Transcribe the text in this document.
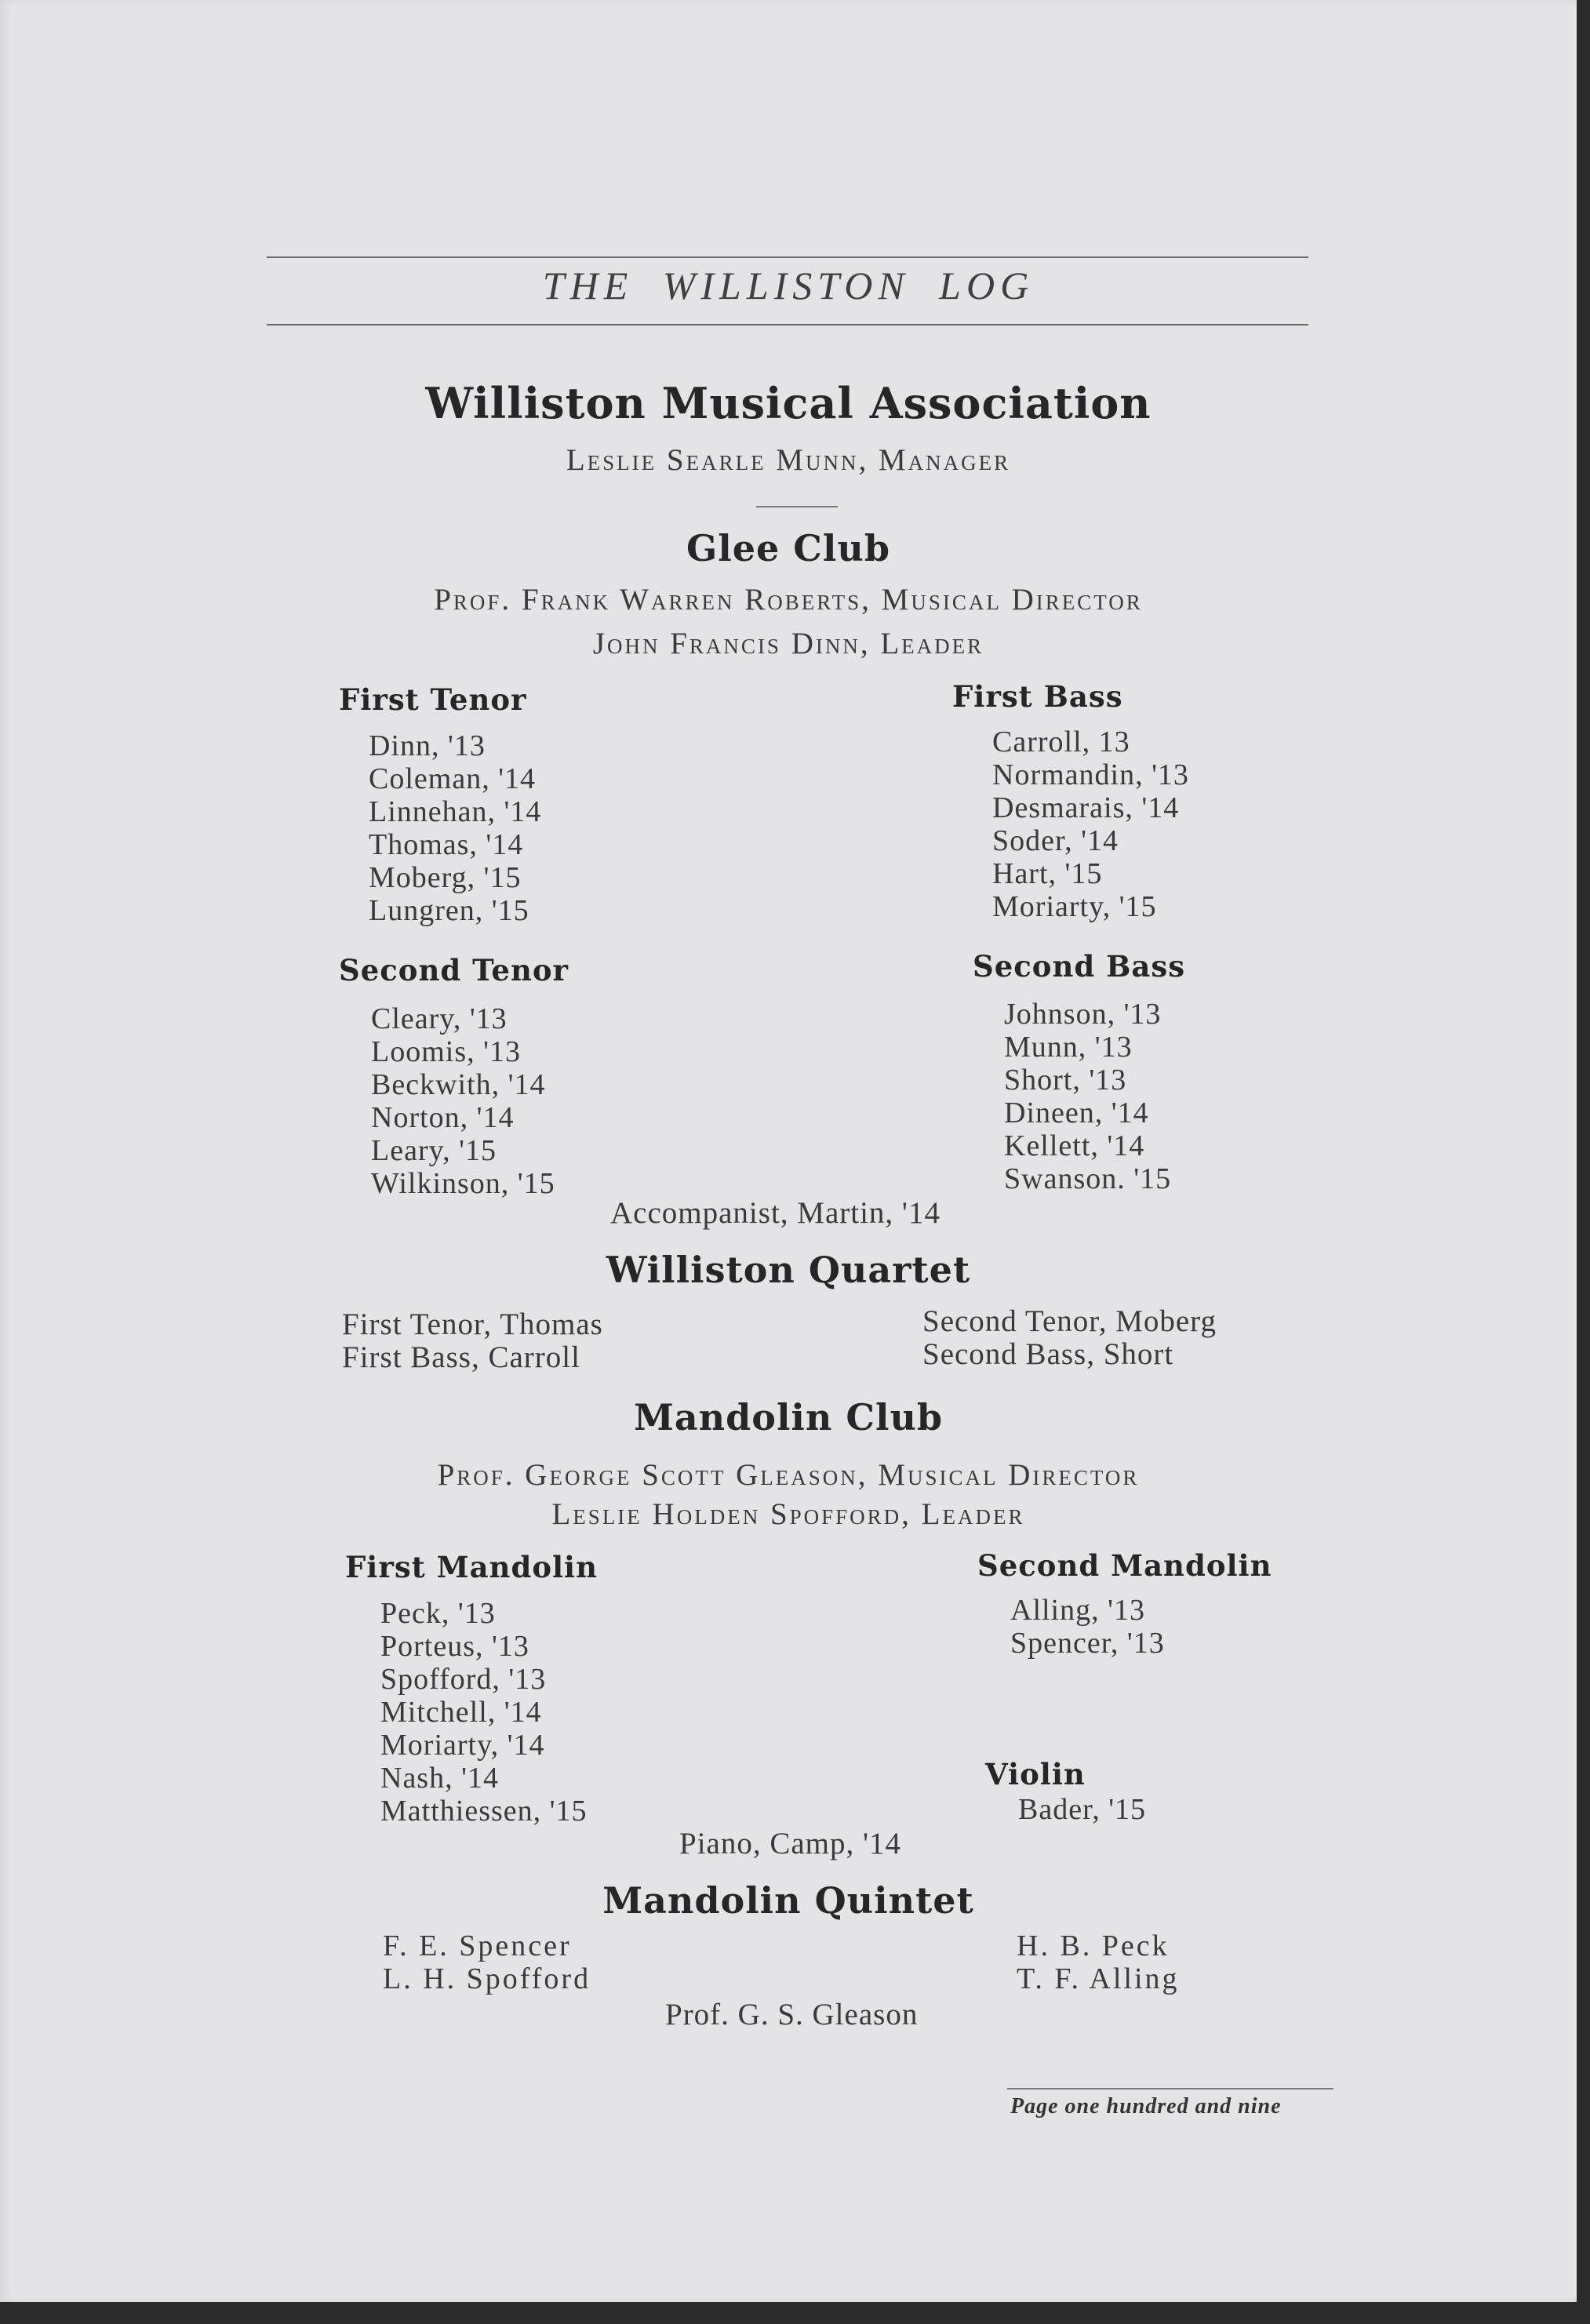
THE WILLISTON LOG
Williston Musical Association
Leslie Searle Munn, Manager
Glee Club
Prof. Frank Warren Roberts, Musical Director
John Francis Dinn, Leader
First Tenor
Dinn, '13
Coleman, '14
Linnehan, '14
Thomas, '14
Moberg, '15
Lungren, '15
First Bass
Carroll, 13
Normandin, '13
Desmarais, '14
Soder, '14
Hart, '15
Moriarty, '15
Second Tenor
Cleary, '13
Loomis, '13
Beckwith, '14
Norton, '14
Leary, '15
Wilkinson, '15
Second Bass
Johnson, '13
Munn, '13
Short, '13
Dineen, '14
Kellett, '14
Swanson. '15
Accompanist, Martin, '14
Williston Quartet
First Tenor, Thomas
First Bass, Carroll
Second Tenor, Moberg
Second Bass, Short
Mandolin Club
Prof. George Scott Gleason, Musical Director
Leslie Holden Spofford, Leader
First Mandolin
Peck, '13
Porteus, '13
Spofford, '13
Mitchell, '14
Moriarty, '14
Nash, '14
Matthiessen, '15
Second Mandolin
Alling, '13
Spencer, '13
Violin
Bader, '15
Piano, Camp, '14
Mandolin Quintet
F. E. Spencer
L. H. Spofford
H. B. Peck
T. F. Alling
Prof. G. S. Gleason
Page one hundred and nine
